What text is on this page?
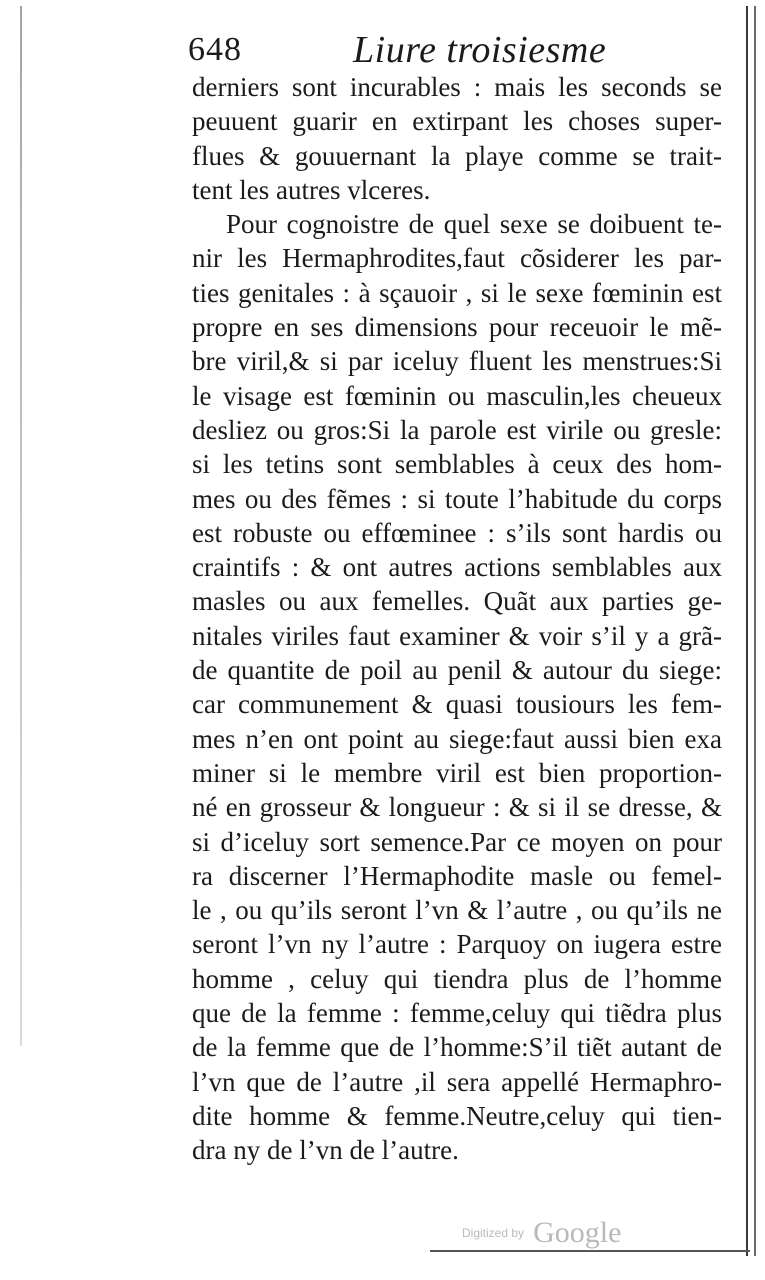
648	Liure troisiesme
derniers sont incurables : mais les seconds se
peuuent guarir en extirpant les choses super-
flues & gouuernant la playe comme se trait-
tent les autres vlceres.
Pour cognoistre de quel sexe se doibuent te-
nir les Hermaphrodites,faut cõsiderer les par-
ties genitales : à sçauoir , si le sexe fœminin est
propre en ses dimensions pour receuoir le mẽ-
bre viril,& si par iceluy fluent les menstrues:Si
le visage est fœminin ou masculin,les cheueux
desliez ou gros:Si la parole est virile ou gresle:
si les tetins sont semblables à ceux des hom-
mes ou des fẽmes : si toute l’habitude du corps
est robuste ou effœminee : s’ils sont hardis ou
craintifs : & ont autres actions semblables aux
masles ou aux femelles. Quãt aux parties ge-
nitales viriles faut examiner & voir s’il y a grã-
de quantite de poil au penil & autour du siege:
car communement & quasi tousiours les fem-
mes n’en ont point au siege:faut aussi bien exa
miner si le membre viril est bien proportion-
né en grosseur & longueur : & si il se dresse, &
si d’iceluy sort semence.Par ce moyen on pour
ra discerner l’Hermaphodite masle ou femel-
le , ou qu’ils seront l’vn & l’autre , ou qu’ils ne
seront l’vn ny l’autre : Parquoy on iugera estre
homme , celuy qui tiendra plus de l’homme
que de la femme : femme,celuy qui tiẽdra plus
de la femme que de l’homme:S’il tiẽt autant de
l’vn que de l’autre ,il sera appellé Hermaphro-
dite homme & femme.Neutre,celuy qui tien-
dra ny de l’vn de l’autre.
Digitized by Google
